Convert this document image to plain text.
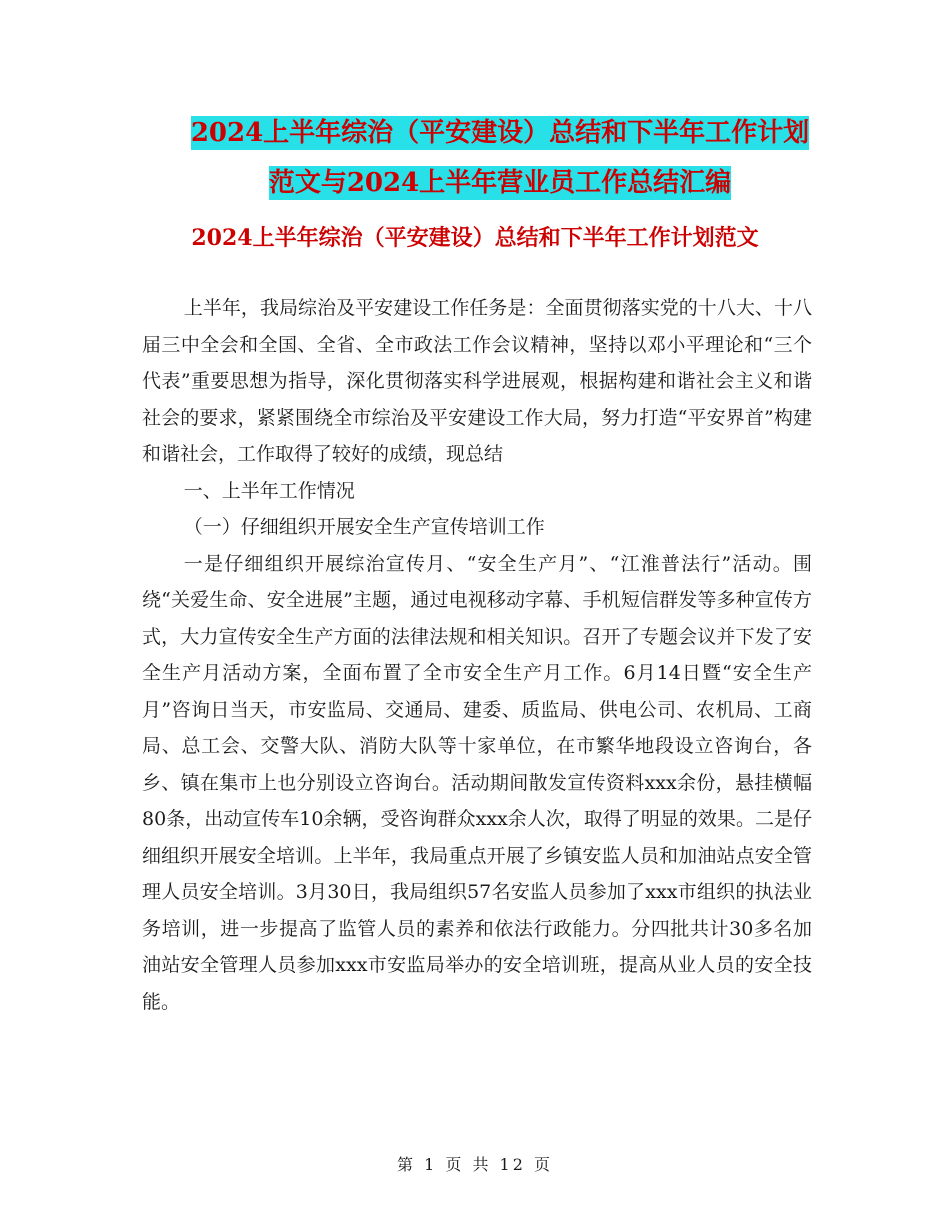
2024上半年综治（平安建设）总结和下半年工作计划
范文与2024上半年营业员工作总结汇编
2024上半年综治（平安建设）总结和下半年工作计划范文

上半年，我局综治及平安建设工作任务是：全面贯彻落实党的十八大、十八届三中全会和全国、全省、全市政法工作会议精神，坚持以邓小平理论和“三个代表”重要思想为指导，深化贯彻落实科学进展观，根据构建和谐社会主义和谐社会的要求，紧紧围绕全市综治及平安建设工作大局，努力打造“平安界首”构建和谐社会，工作取得了较好的成绩，现总结

一、上半年工作情况

（一）仔细组织开展安全生产宣传培训工作

一是仔细组织开展综治宣传月、“安全生产月”、“江淮普法行”活动。围绕“关爱生命、安全进展”主题，通过电视移动字幕、手机短信群发等多种宣传方式，大力宣传安全生产方面的法律法规和相关知识。召开了专题会议并下发了安全生产月活动方案，全面布置了全市安全生产月工作。6月14日暨“安全生产月”咨询日当天，市安监局、交通局、建委、质监局、供电公司、农机局、工商局、总工会、交警大队、消防大队等十家单位，在市繁华地段设立咨询台，各乡、镇在集市上也分别设立咨询台。活动期间散发宣传资料xxx余份，悬挂横幅80条，出动宣传车10余辆，受咨询群众xxx余人次，取得了明显的效果。二是仔细组织开展安全培训。上半年，我局重点开展了乡镇安监人员和加油站点安全管理人员安全培训。3月30日，我局组织57名安监人员参加了xxx市组织的执法业务培训，进一步提高了监管人员的素养和依法行政能力。分四批共计30多名加油站安全管理人员参加xxx市安监局举办的安全培训班，提高从业人员的安全技能。

第 1 页 共 12 页
